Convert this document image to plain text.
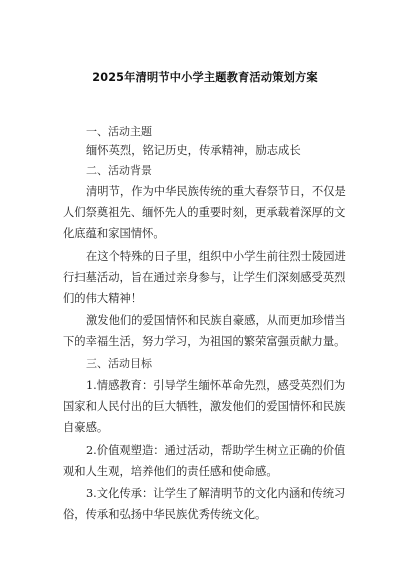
2025年清明节中小学主题教育活动策划方案
一、活动主题
缅怀英烈，铭记历史，传承精神，励志成长
二、活动背景
清明节，作为中华民族传统的重大春祭节日，不仅是
人们祭奠祖先、缅怀先人的重要时刻，更承载着深厚的文
化底蕴和家国情怀。
在这个特殊的日子里，组织中小学生前往烈士陵园进
行扫墓活动，旨在通过亲身参与，让学生们深刻感受英烈
们的伟大精神！
激发他们的爱国情怀和民族自豪感，从而更加珍惜当
下的幸福生活，努力学习，为祖国的繁荣富强贡献力量。
三、活动目标
1.情感教育：引导学生缅怀革命先烈，感受英烈们为
国家和人民付出的巨大牺牲，激发他们的爱国情怀和民族
自豪感。
2.价值观塑造：通过活动，帮助学生树立正确的价值
观和人生观，培养他们的责任感和使命感。
3.文化传承：让学生了解清明节的文化内涵和传统习
俗，传承和弘扬中华民族优秀传统文化。
